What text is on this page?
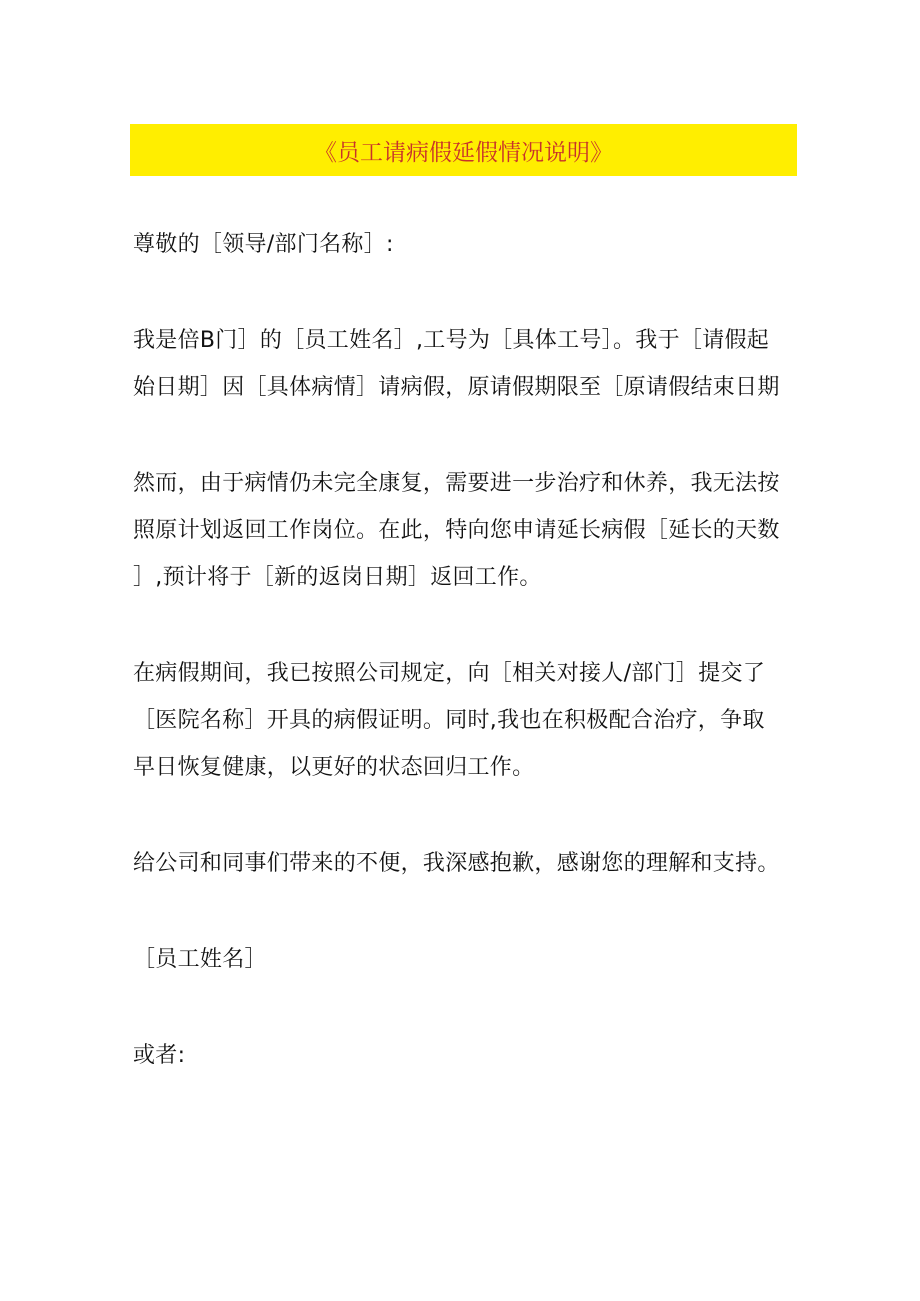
《员工请病假延假情况说明》
尊敬的［领导/部门名称］:
我是倍B门］的［员工姓名］,工号为［具体工号］。我于［请假起
始日期］因［具体病情］请病假，原请假期限至［原请假结束日期
然而，由于病情仍未完全康复，需要进一步治疗和休养，我无法按
照原计划返回工作岗位。在此，特向您申请延长病假［延长的天数
］,预计将于［新的返岗日期］返回工作。
在病假期间，我已按照公司规定，向［相关对接人/部门］提交了
［医院名称］开具的病假证明。同时,我也在积极配合治疗，争取
早日恢复健康，以更好的状态回归工作。
给公司和同事们带来的不便，我深感抱歉，感谢您的理解和支持。
［员工姓名］
或者:
